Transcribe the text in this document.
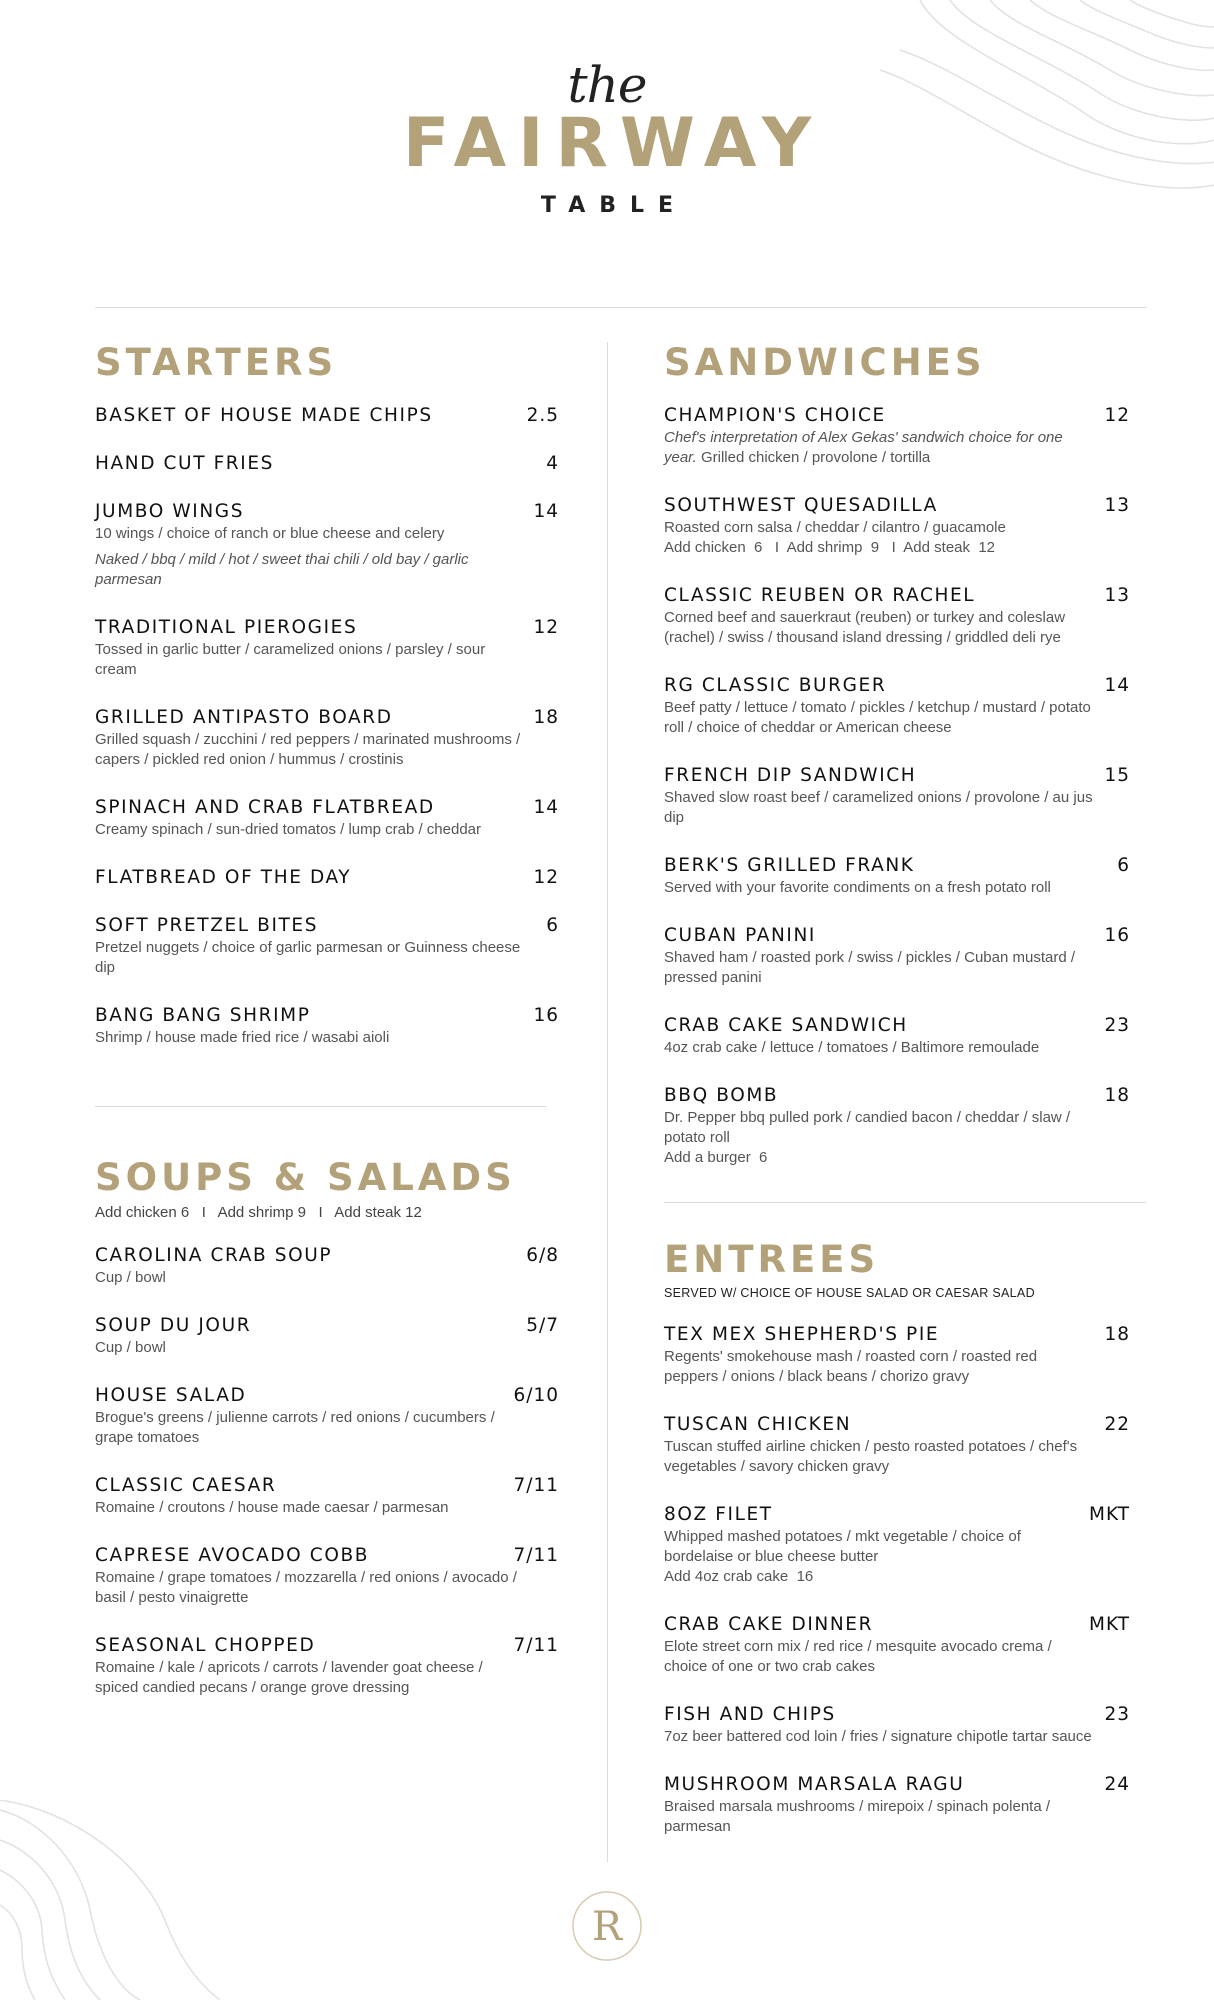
the
FAIRWAY
TABLE
STARTERS
BASKET OF HOUSE MADE CHIPS	2.5
HAND CUT FRIES	4
JUMBO WINGS	14
10 wings / choice of ranch or blue cheese and celery
Naked / bbq / mild / hot / sweet thai chili / old bay / garlic parmesan
TRADITIONAL PIEROGIES	12
Tossed in garlic butter / caramelized onions / parsley / sour cream
GRILLED ANTIPASTO BOARD	18
Grilled squash / zucchini / red peppers / marinated mushrooms / capers / pickled red onion / hummus / crostinis
SPINACH AND CRAB FLATBREAD	14
Creamy spinach / sun-dried tomatos / lump crab / cheddar
FLATBREAD OF THE DAY	12
SOFT PRETZEL BITES	6
Pretzel nuggets / choice of garlic parmesan or Guinness cheese dip
BANG BANG SHRIMP	16
Shrimp / house made fried rice / wasabi aioli
SOUPS & SALADS
Add chicken 6   I   Add shrimp 9   I   Add steak 12
CAROLINA CRAB SOUP	6/8
Cup / bowl
SOUP DU JOUR	5/7
Cup / bowl
HOUSE SALAD	6/10
Brogue's greens / julienne carrots / red onions / cucumbers / grape tomatoes
CLASSIC CAESAR	7/11
Romaine / croutons / house made caesar / parmesan
CAPRESE AVOCADO COBB	7/11
Romaine / grape tomatoes / mozzarella / red onions / avocado / basil / pesto vinaigrette
SEASONAL CHOPPED	7/11
Romaine / kale / apricots / carrots / lavender goat cheese / spiced candied pecans / orange grove dressing
SANDWICHES
CHAMPION'S CHOICE	12
Chef's interpretation of Alex Gekas' sandwich choice for one year. Grilled chicken / provolone / tortilla
SOUTHWEST QUESADILLA	13
Roasted corn salsa / cheddar / cilantro / guacamole
Add chicken  6   I  Add shrimp  9   I  Add steak  12
CLASSIC REUBEN OR RACHEL	13
Corned beef and sauerkraut (reuben) or turkey and coleslaw (rachel) / swiss / thousand island dressing / griddled deli rye
RG CLASSIC BURGER	14
Beef patty / lettuce / tomato / pickles / ketchup / mustard / potato roll / choice of cheddar or American cheese
FRENCH DIP SANDWICH	15
Shaved slow roast beef / caramelized onions / provolone / au jus dip
BERK'S GRILLED FRANK	6
Served with your favorite condiments on a fresh potato roll
CUBAN PANINI	16
Shaved ham / roasted pork / swiss / pickles / Cuban mustard / pressed panini
CRAB CAKE SANDWICH	23
4oz crab cake / lettuce / tomatoes / Baltimore remoulade
BBQ BOMB	18
Dr. Pepper bbq pulled pork / candied bacon / cheddar / slaw / potato roll
Add a burger  6
ENTREES
SERVED W/ CHOICE OF HOUSE SALAD OR CAESAR SALAD
TEX MEX SHEPHERD'S PIE	18
Regents' smokehouse mash / roasted corn / roasted red peppers / onions / black beans / chorizo gravy
TUSCAN CHICKEN	22
Tuscan stuffed airline chicken / pesto roasted potatoes / chef's vegetables / savory chicken gravy
8OZ FILET	MKT
Whipped mashed potatoes / mkt vegetable / choice of bordelaise or blue cheese butter
Add 4oz crab cake  16
CRAB CAKE DINNER	MKT
Elote street corn mix / red rice / mesquite avocado crema / choice of one or two crab cakes
FISH AND CHIPS	23
7oz beer battered cod loin / fries / signature chipotle tartar sauce
MUSHROOM MARSALA RAGU	24
Braised marsala mushrooms / mirepoix / spinach polenta / parmesan
R
